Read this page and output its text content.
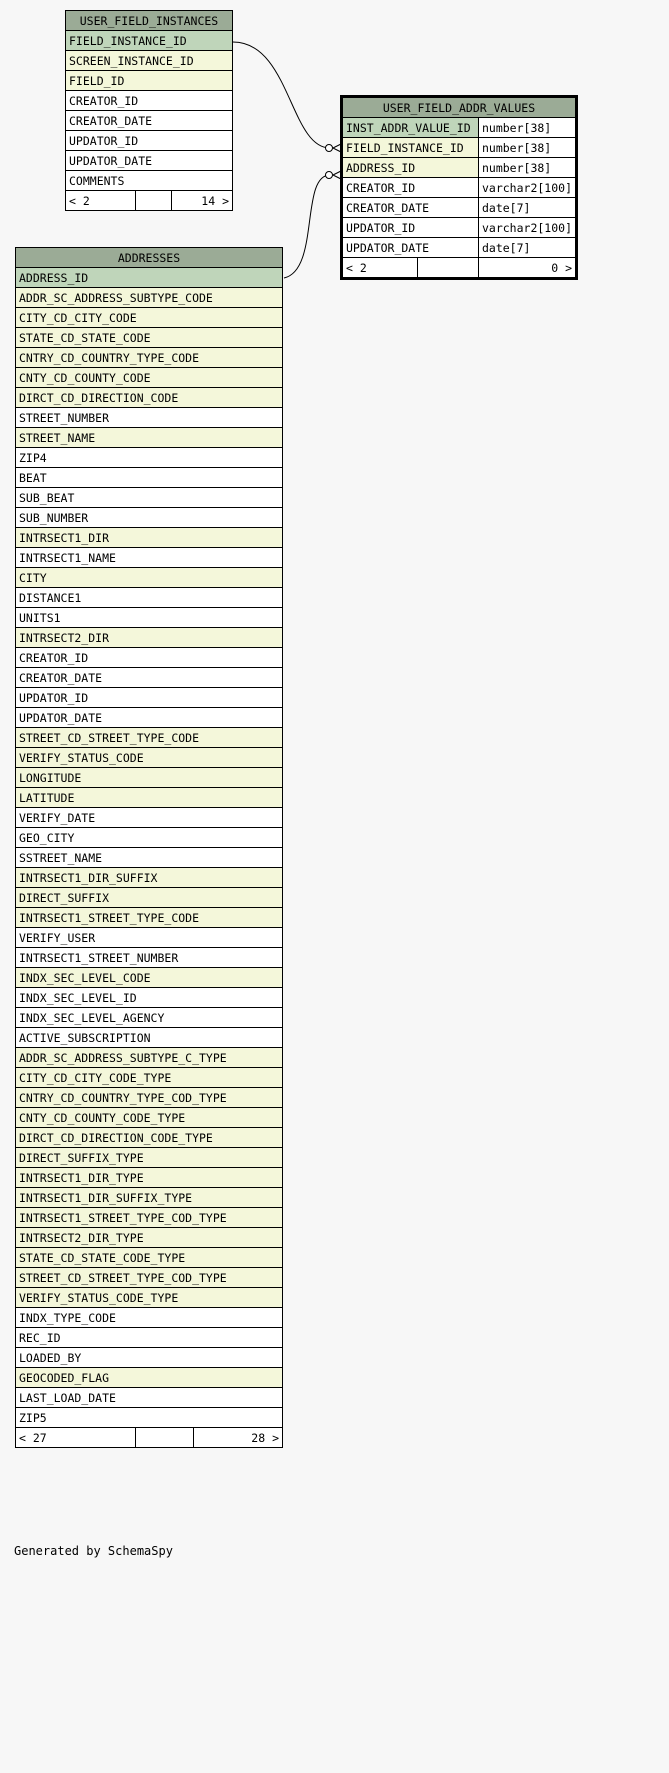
USER_FIELD_INSTANCES
FIELD_INSTANCE_ID
SCREEN_INSTANCE_ID
FIELD_ID
CREATOR_ID
CREATOR_DATE
UPDATOR_ID
UPDATOR_DATE
COMMENTS
< 2		14 >
USER_FIELD_ADDR_VALUES		
INST_ADDR_VALUE_ID		number[38]
FIELD_INSTANCE_ID		number[38]
ADDRESS_ID		number[38]
CREATOR_ID		varchar2[100]
CREATOR_DATE		date[7]
UPDATOR_ID		varchar2[100]
UPDATOR_DATE		date[7]
< 2		0 >
ADDRESSES
ADDRESS_ID
ADDR_SC_ADDRESS_SUBTYPE_CODE
CITY_CD_CITY_CODE
STATE_CD_STATE_CODE
CNTRY_CD_COUNTRY_TYPE_CODE
CNTY_CD_COUNTY_CODE
DIRCT_CD_DIRECTION_CODE
STREET_NUMBER
STREET_NAME
ZIP4
BEAT
SUB_BEAT
SUB_NUMBER
INTRSECT1_DIR
INTRSECT1_NAME
CITY
DISTANCE1
UNITS1
INTRSECT2_DIR
CREATOR_ID
CREATOR_DATE
UPDATOR_ID
UPDATOR_DATE
STREET_CD_STREET_TYPE_CODE
VERIFY_STATUS_CODE
LONGITUDE
LATITUDE
VERIFY_DATE
GEO_CITY
SSTREET_NAME
INTRSECT1_DIR_SUFFIX
DIRECT_SUFFIX
INTRSECT1_STREET_TYPE_CODE
VERIFY_USER
INTRSECT1_STREET_NUMBER
INDX_SEC_LEVEL_CODE
INDX_SEC_LEVEL_ID
INDX_SEC_LEVEL_AGENCY
ACTIVE_SUBSCRIPTION
ADDR_SC_ADDRESS_SUBTYPE_C_TYPE
CITY_CD_CITY_CODE_TYPE
CNTRY_CD_COUNTRY_TYPE_COD_TYPE
CNTY_CD_COUNTY_CODE_TYPE
DIRCT_CD_DIRECTION_CODE_TYPE
DIRECT_SUFFIX_TYPE
INTRSECT1_DIR_TYPE
INTRSECT1_DIR_SUFFIX_TYPE
INTRSECT1_STREET_TYPE_COD_TYPE
INTRSECT2_DIR_TYPE
STATE_CD_STATE_CODE_TYPE
STREET_CD_STREET_TYPE_COD_TYPE
VERIFY_STATUS_CODE_TYPE
INDX_TYPE_CODE
REC_ID
LOADED_BY
GEOCODED_FLAG
LAST_LOAD_DATE
ZIP5
< 27		28 >
Generated by SchemaSpy
